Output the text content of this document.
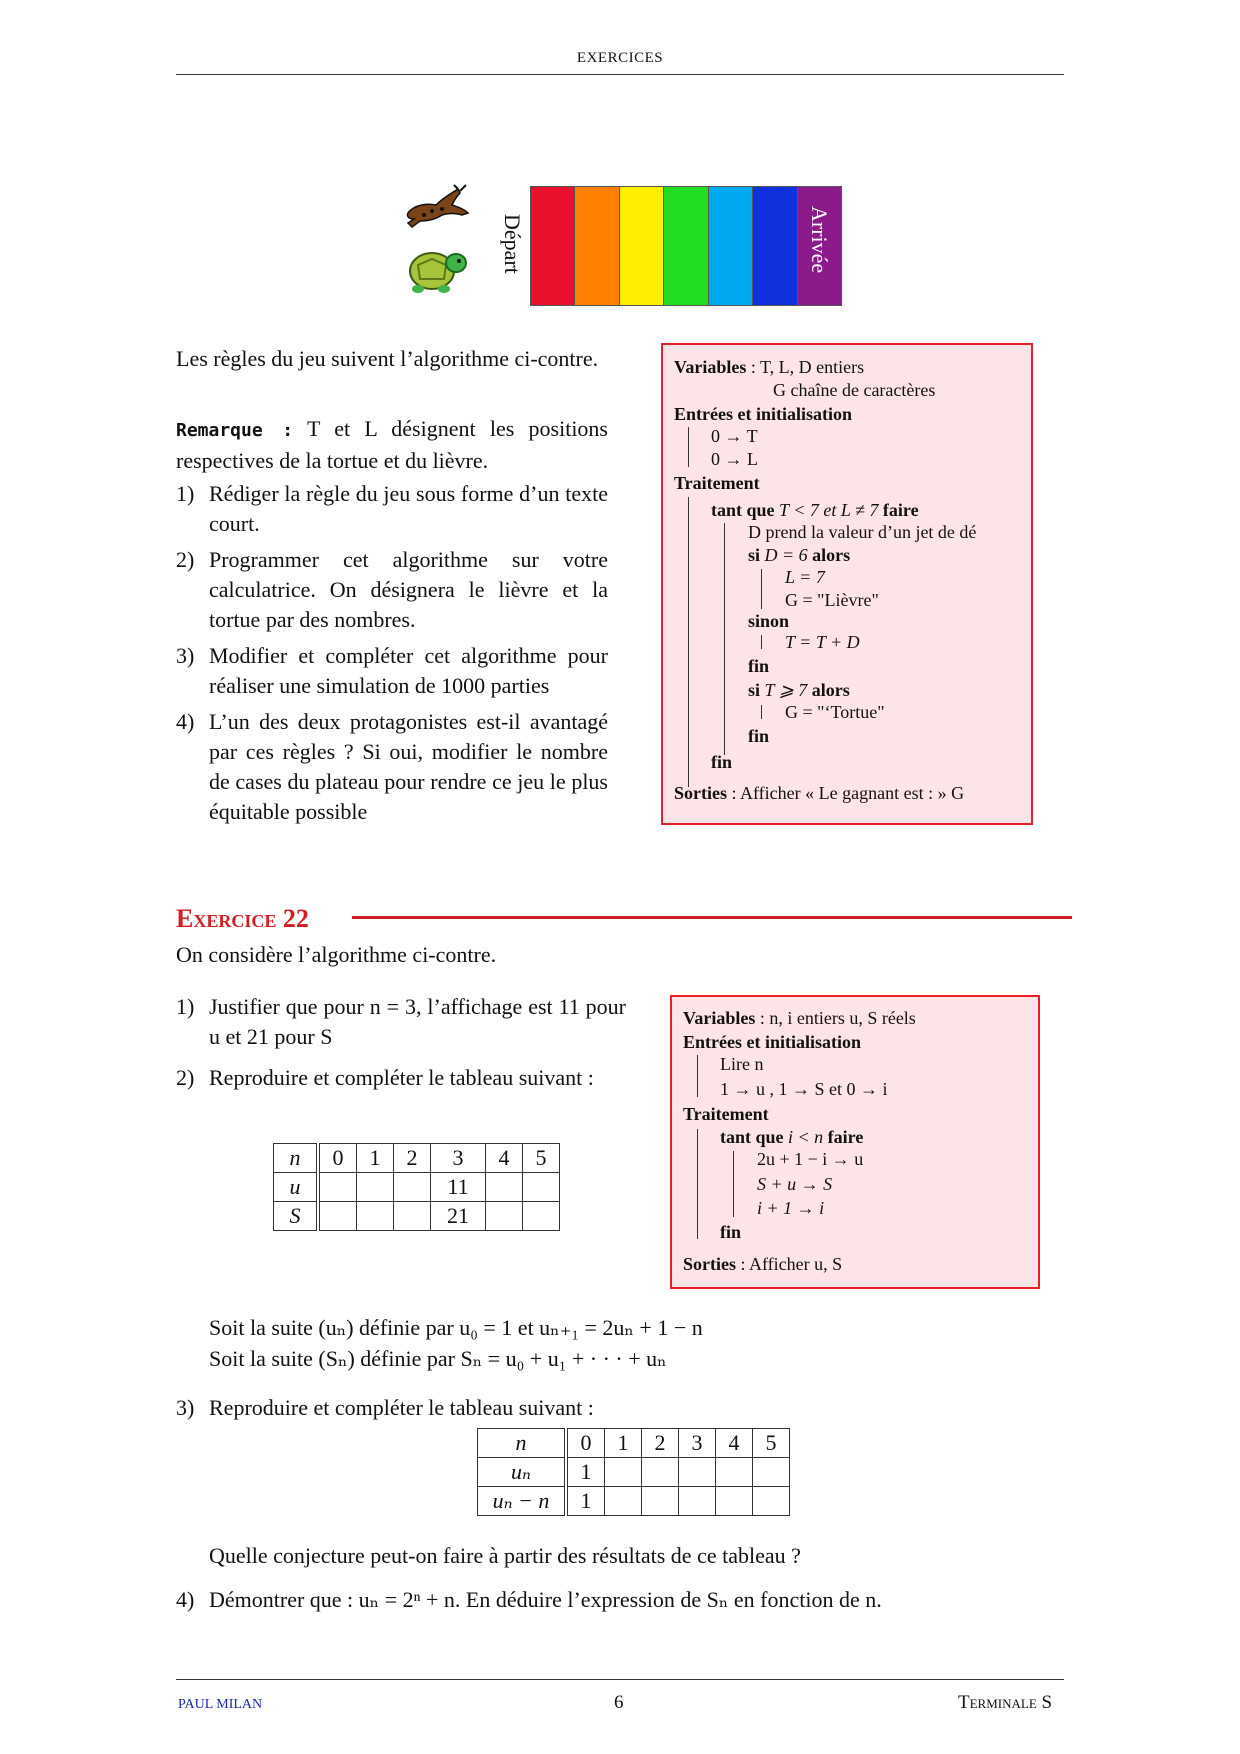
EXERCICES
Départ	Arrivée
Les règles du jeu suivent l’algorithme ci-contre.
Remarque : T et L désignent les positions respectives de la tortue et du lièvre.
1) Rédiger la règle du jeu sous forme d’un texte court.
2) Programmer cet algorithme sur votre calculatrice. On désignera le lièvre et la tortue par des nombres.
3) Modifier et compléter cet algorithme pour réaliser une simulation de 1000 parties
4) L’un des deux protagonistes est-il avantagé par ces règles ? Si oui, modifier le nombre de cases du plateau pour rendre ce jeu le plus équitable possible
Variables : T, L, D entiers
G chaîne de caractères
Entrées et initialisation
0 → T
0 → L
Traitement
tant que T < 7 et L ≠ 7 faire
D prend la valeur d’un jet de dé
si D = 6 alors
L = 7
G = "Lièvre"
sinon
T = T + D
fin
si T ⩾ 7 alors
G = "‘Tortue"
fin
fin
Sorties : Afficher « Le gagnant est : » G
Exercice 22
On considère l’algorithme ci-contre.
1) Justifier que pour n = 3, l’affichage est 11 pour u et 21 pour S
2) Reproduire et compléter le tableau suivant :
n	0	1	2	3	4	5
u				11		
S				21		
Variables : n, i entiers u, S réels
Entrées et initialisation
Lire n
1 → u , 1 → S et 0 → i
Traitement
tant que i < n faire
2u + 1 − i → u
S + u → S
i + 1 → i
fin
Sorties : Afficher u, S
Soit la suite (uₙ) définie par u₀ = 1 et uₙ₊₁ = 2uₙ + 1 − n
Soit la suite (Sₙ) définie par Sₙ = u₀ + u₁ + · · · + uₙ
3) Reproduire et compléter le tableau suivant :
n	0	1	2	3	4	5
uₙ	1					
uₙ − n	1					
Quelle conjecture peut-on faire à partir des résultats de ce tableau ?
4) Démontrer que : uₙ = 2ⁿ + n. En déduire l’expression de Sₙ en fonction de n.
PAUL MILAN	6	Terminale S
